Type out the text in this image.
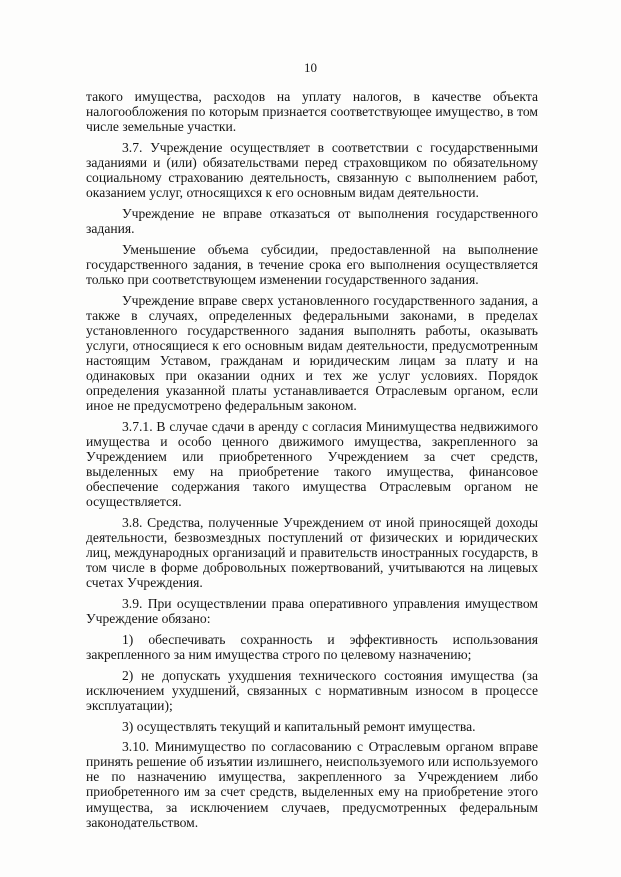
10

такого имущества, расходов на уплату налогов, в качестве объекта налогообложения по которым признается соответствующее имущество, в том числе земельные участки.

3.7. Учреждение осуществляет в соответствии с государственными заданиями и (или) обязательствами перед страховщиком по обязательному социальному страхованию деятельность, связанную с выполнением работ, оказанием услуг, относящихся к его основным видам деятельности.

Учреждение не вправе отказаться от выполнения государственного задания.

Уменьшение объема субсидии, предоставленной на выполнение государственного задания, в течение срока его выполнения осуществляется только при соответствующем изменении государственного задания.

Учреждение вправе сверх установленного государственного задания, а также в случаях, определенных федеральными законами, в пределах установленного государственного задания выполнять работы, оказывать услуги, относящиеся к его основным видам деятельности, предусмотренным настоящим Уставом, гражданам и юридическим лицам за плату и на одинаковых при оказании одних и тех же услуг условиях. Порядок определения указанной платы устанавливается Отраслевым органом, если иное не предусмотрено федеральным законом.

3.7.1. В случае сдачи в аренду с согласия Минимущества недвижимого имущества и особо ценного движимого имущества, закрепленного за Учреждением или приобретенного Учреждением за счет средств, выделенных ему на приобретение такого имущества, финансовое обеспечение содержания такого имущества Отраслевым органом не осуществляется.

3.8. Средства, полученные Учреждением от иной приносящей доходы деятельности, безвозмездных поступлений от физических и юридических лиц, международных организаций и правительств иностранных государств, в том числе в форме добровольных пожертвований, учитываются на лицевых счетах Учреждения.

3.9. При осуществлении права оперативного управления имуществом Учреждение обязано:

1) обеспечивать сохранность и эффективность использования закрепленного за ним имущества строго по целевому назначению;

2) не допускать ухудшения технического состояния имущества (за исключением ухудшений, связанных с нормативным износом в процессе эксплуатации);

3) осуществлять текущий и капитальный ремонт имущества.

3.10. Минимущество по согласованию с Отраслевым органом вправе принять решение об изъятии излишнего, неиспользуемого или используемого не по назначению имущества, закрепленного за Учреждением либо приобретенного им за счет средств, выделенных ему на приобретение этого имущества, за исключением случаев, предусмотренных федеральным законодательством.
